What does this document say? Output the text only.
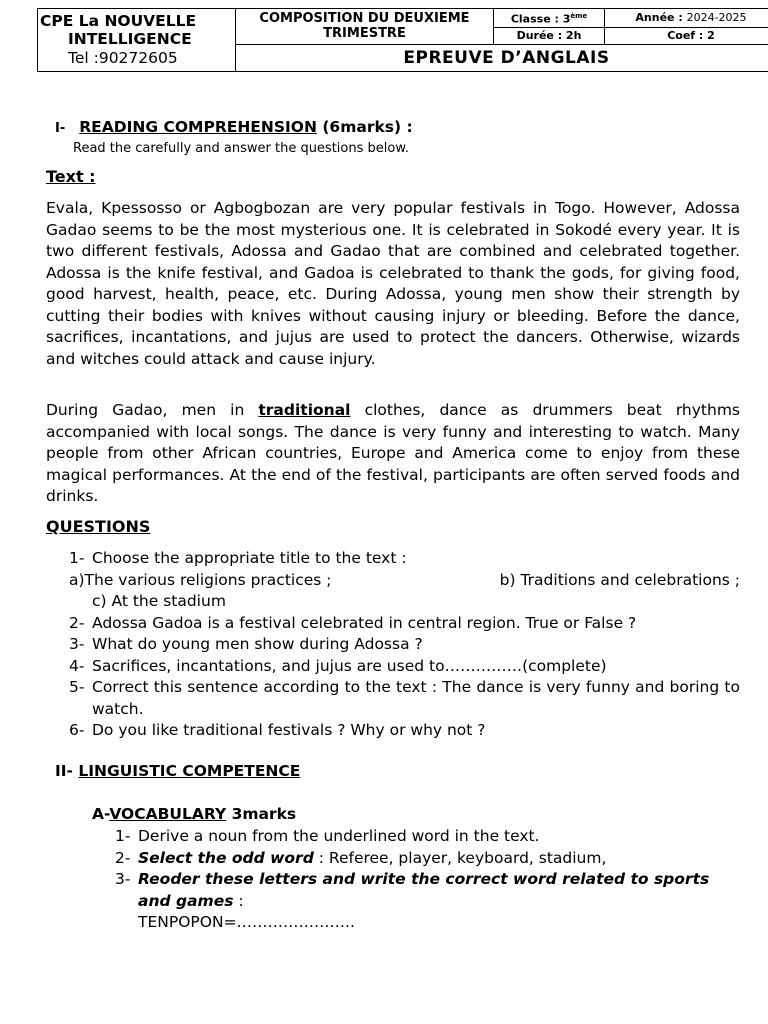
CPE La NOUVELLE
INTELLIGENCE
Tel :90272605	COMPOSITION DU DEUXIEME TRIMESTRE	Classe : 3ème	Année : 2024-2025
		Durée : 2h	Coef : 2
	EPREUVE D’ANGLAIS		
I- READING COMPREHENSION (6marks) :
Read the carefully and answer the questions below.
Text :
Evala, Kpessosso or Agbogbozan are very popular festivals in Togo. However, Adossa Gadao seems to be the most mysterious one. It is celebrated in Sokodé every year. It is two different festivals, Adossa and Gadao that are combined and celebrated together. Adossa is the knife festival, and Gadoa is celebrated to thank the gods, for giving food, good harvest, health, peace, etc. During Adossa, young men show their strength by cutting their bodies with knives without causing injury or bleeding. Before the dance, sacrifices, incantations, and jujus are used to protect the dancers. Otherwise, wizards and witches could attack and cause injury.
During Gadao, men in traditional clothes, dance as drummers beat rhythms accompanied with local songs. The dance is very funny and interesting to watch. Many people from other African countries, Europe and America come to enjoy from these magical performances. At the end of the festival, participants are often served foods and drinks.
QUESTIONS
1- Choose the appropriate title to the text :
a)The various religions practices ;	b) Traditions and celebrations ;
c) At the stadium
2- Adossa Gadoa is a festival celebrated in central region. True or False ?
3- What do young men show during Adossa ?
4- Sacrifices, incantations, and jujus are used to……………(complete)
5- Correct this sentence according to the text : The dance is very funny and boring to watch.
6- Do you like traditional festivals ? Why or why not ?
II- LINGUISTIC COMPETENCE
A-VOCABULARY 3marks
1- Derive a noun from the underlined word in the text.
2- Select the odd word : Referee, player, keyboard, stadium,
3- Reoder these letters and write the correct word related to sports and games :
TENPOPON=…………………..
